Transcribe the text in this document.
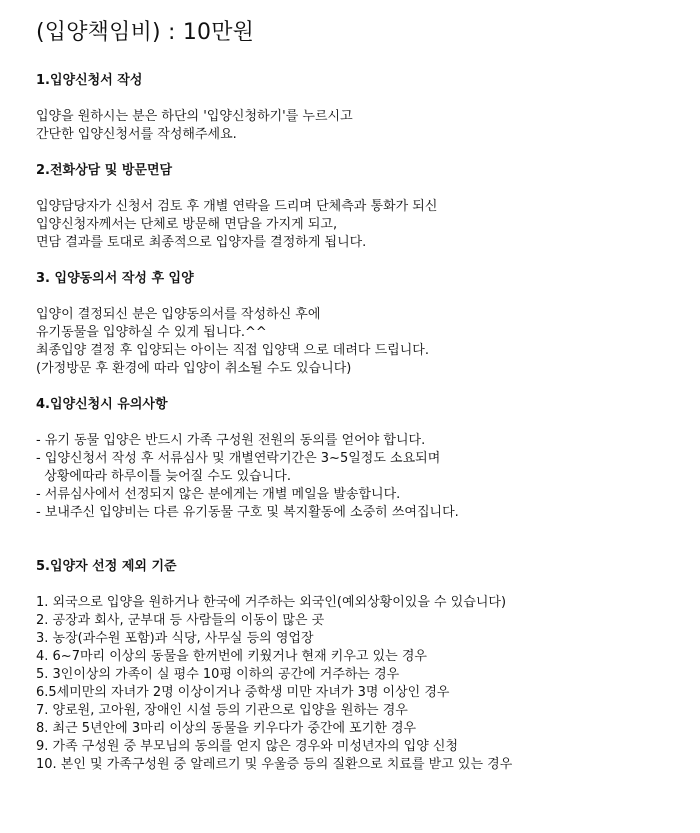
(입양책임비) : 10만원
1.입양신청서 작성

입양을 원하시는 분은 하단의 '입양신청하기'를 누르시고
간단한 입양신청서를 작성해주세요.

2.전화상담 및 방문면담

입양담당자가 신청서 검토 후 개별 연락을 드리며 단체측과 통화가 되신
입양신청자께서는 단체로 방문해 면담을 가지게 되고,
면담 결과를 토대로 최종적으로 입양자를 결정하게 됩니다.

3. 입양동의서 작성 후 입양

입양이 결정되신 분은 입양동의서를 작성하신 후에
유기동물을 입양하실 수 있게 됩니다.^^
최종입양 결정 후 입양되는 아이는 직접 입양댁 으로 데려다 드립니다.
(가정방문 후 환경에 따라 입양이 취소될 수도 있습니다)

4.입양신청시 유의사항
- 유기 동물 입양은 반드시 가족 구성원 전원의 동의를 얻어야 합니다.
- 입양신청서 작성 후 서류심사 및 개별연락기간은 3~5일정도 소요되며
상황에따라 하루이틀 늦어질 수도 있습니다.
- 서류심사에서 선정되지 않은 분에게는 개별 메일을 발송합니다.
- 보내주신 입양비는 다른 유기동물 구호 및 복지활동에 소중히 쓰여집니다.
5.입양자 선정 제외 기준
1. 외국으로 입양을 원하거나 한국에 거주하는 외국인(예외상황이있을 수 있습니다)
2. 공장과 회사, 군부대 등 사람들의 이동이 많은 곳
3. 농장(과수원 포함)과 식당, 사무실 등의 영업장
4. 6~7마리 이상의 동물을 한꺼번에 키웠거나 현재 키우고 있는 경우
5. 3인이상의 가족이 실 평수 10평 이하의 공간에 거주하는 경우
6.5세미만의 자녀가 2명 이상이거나 중학생 미만 자녀가 3명 이상인 경우
7. 양로원, 고아원, 장애인 시설 등의 기관으로 입양을 원하는 경우
8. 최근 5년안에 3마리 이상의 동물을 키우다가 중간에 포기한 경우
9. 가족 구성원 중 부모님의 동의를 얻지 않은 경우와 미성년자의 입양 신청
10. 본인 및 가족구성원 중 알레르기 및 우울증 등의 질환으로 치료를 받고 있는 경우
